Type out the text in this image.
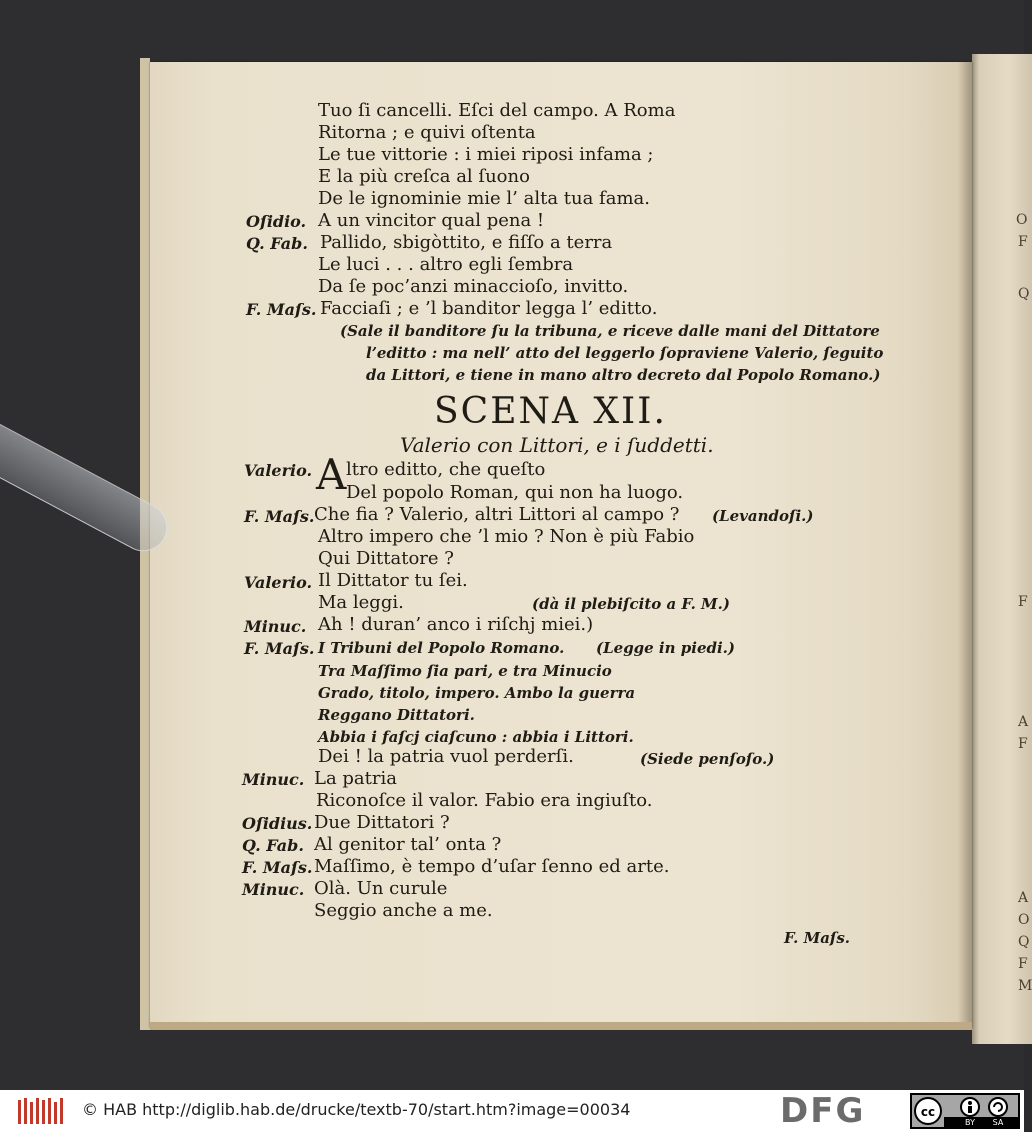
O
F
Q
F
A
F
A
O
Q
F
M
Tuo ſi cancelli. Eſci del campo. A Roma
Ritorna ; e quivi oſtenta
Le tue vittorie : i miei riposi infama ;
E la più creſca al ſuono
De le ignominie mie l’ alta tua fama.
Oſidio. A un vincitor qual pena !
Q. Fab. Pallido, sbigòttito, e fiſſo a terra
Le luci . . . altro egli ſembra
Da ſe poc’anzi minaccioſo, invitto.
F. Maſs. Facciaſi ; e ’l banditor legga l’ editto.
(Sale il banditore ſu la tribuna, e riceve dalle mani del Dittatore
l’editto : ma nell’ atto del leggerlo ſopraviene Valerio, ſeguito
da Littori, e tiene in mano altro decreto dal Popolo Romano.)
SCENA XII.
Valerio con Littori, e i ſuddetti.
Valerio. A ltro editto, che queſto
Del popolo Roman, qui non ha luogo.
F. Maſs. Che fia ? Valerio, altri Littori al campo ? (Levandoſi.)
Altro impero che ’l mio ? Non è più Fabio
Qui Dittatore ?
Valerio. Il Dittator tu ſei.
Ma leggi.	(dà il plebiſcito a F. M.)
Minuc. Ah ! duran’ anco i riſchj miei.)
F. Maſs. I Tribuni del Popolo Romano. (Legge in piedi.)
Tra Maſſimo ſia pari, e tra Minucio
Grado, titolo, impero. Ambo la guerra
Reggano Dittatori.
Abbia i faſcj ciaſcuno : abbia i Littori.
Dei ! la patria vuol perderſi.	(Siede penſoſo.)
Minuc. La patria
Riconoſce il valor. Fabio era ingiuſto.
Oſidius. Due Dittatori ?
Q. Fab. Al genitor tal’ onta ?
F. Maſs. Maſſimo, è tempo d’uſar ſenno ed arte.
Minuc. Olà. Un curule
Seggio anche a me.
F. Maſs.
© HAB http://diglib.hab.de/drucke/textb-70/start.htm?image=00034	DFG	cc
BY SA
